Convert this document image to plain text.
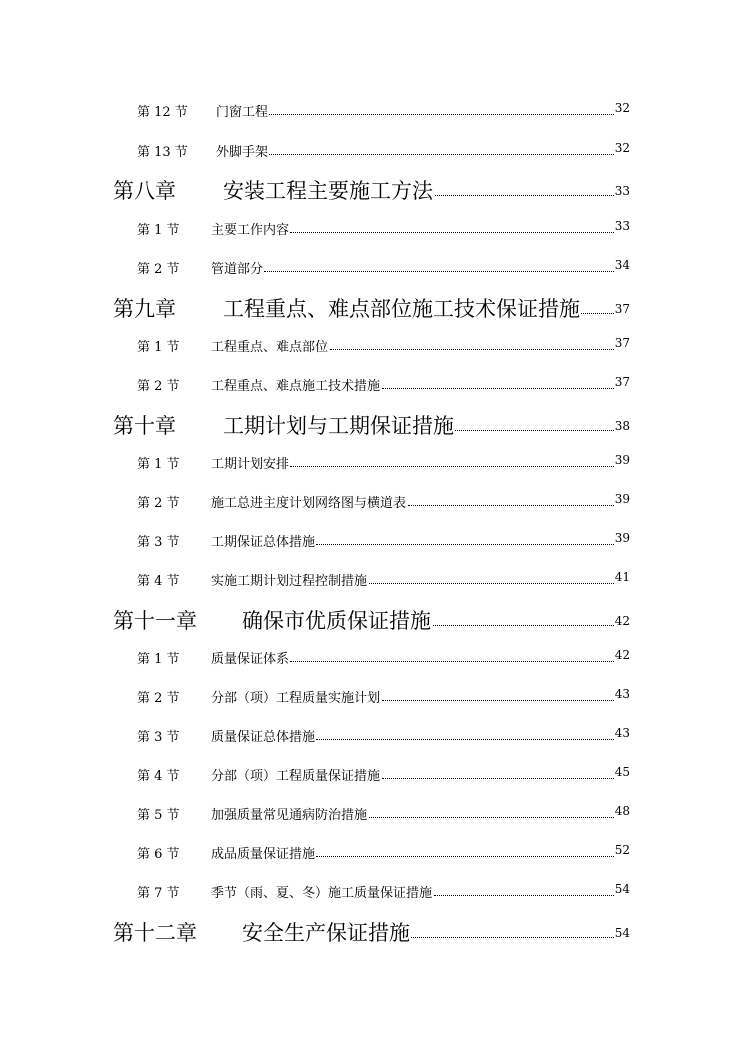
第 12 节 门窗工程	32
第 13 节 外脚手架	32
第八章 安装工程主要施工方法	33
第 1 节 主要工作内容	33
第 2 节 管道部分	34
第九章 工程重点、难点部位施工技术保证措施	37
第 1 节 工程重点、难点部位	37
第 2 节 工程重点、难点施工技术措施	37
第十章 工期计划与工期保证措施	38
第 1 节 工期计划安排	39
第 2 节 施工总进主度计划网络图与横道表	39
第 3 节 工期保证总体措施	39
第 4 节 实施工期计划过程控制措施	41
第十一章 确保市优质保证措施	42
第 1 节 质量保证体系	42
第 2 节 分部（项）工程质量实施计划	43
第 3 节 质量保证总体措施	43
第 4 节 分部（项）工程质量保证措施	45
第 5 节 加强质量常见通病防治措施	48
第 6 节 成品质量保证措施	52
第 7 节 季节（雨、夏、冬）施工质量保证措施	54
第十二章 安全生产保证措施	54
